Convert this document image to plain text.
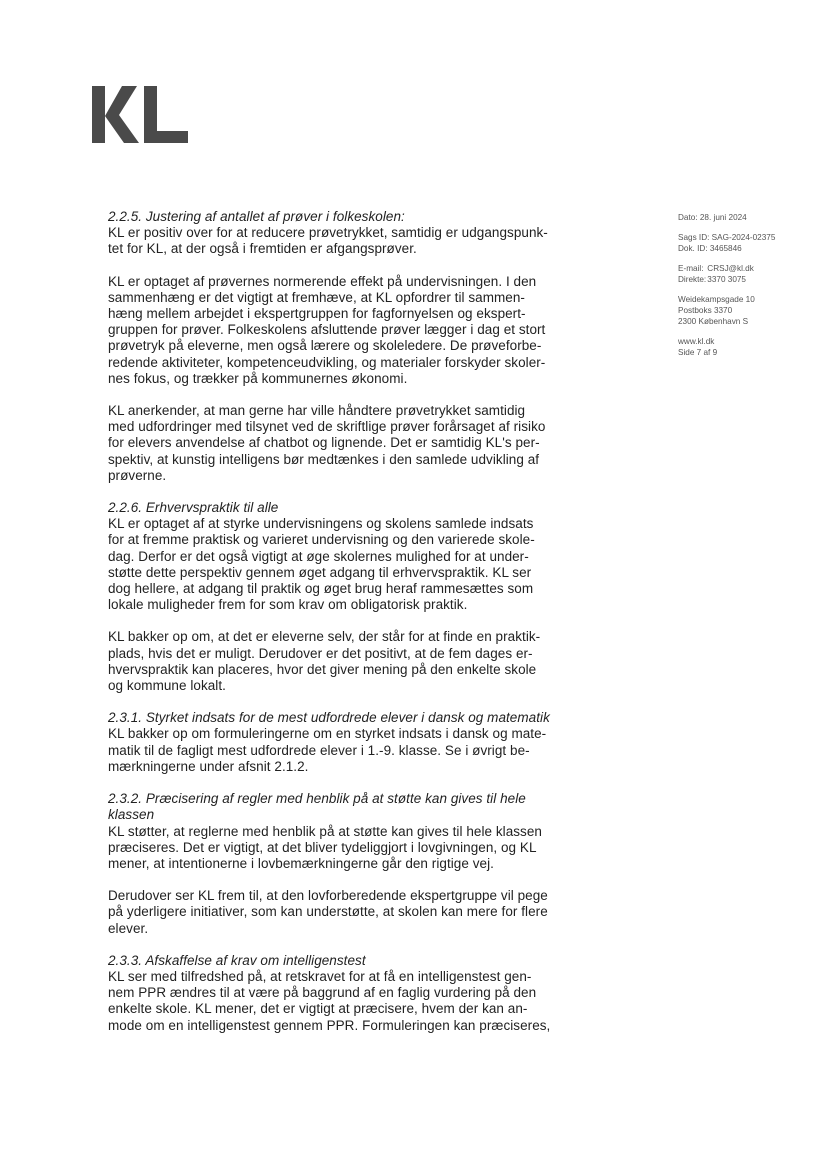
Dato: 28. juni 2024
Sags ID: SAG-2024-02375
Dok. ID: 3465846
E-mail: CRSJ@kl.dk
Direkte: 3370 3075
Weidekampsgade 10
Postboks 3370
2300 København S
www.kl.dk
Side 7 af 9
2.2.5. Justering af antallet af prøver i folkeskolen:

KL er positiv over for at reducere prøvetrykket, samtidig er udgangspunk-
tet for KL, at der også i fremtiden er afgangsprøver.

KL er optaget af prøvernes normerende effekt på undervisningen. I den
sammenhæng er det vigtigt at fremhæve, at KL opfordrer til sammen-
hæng mellem arbejdet i ekspertgruppen for fagfornyelsen og ekspert-
gruppen for prøver. Folkeskolens afsluttende prøver lægger i dag et stort
prøvetryk på eleverne, men også lærere og skoleledere. De prøveforbe-
redende aktiviteter, kompetenceudvikling, og materialer forskyder skoler-
nes fokus, og trækker på kommunernes økonomi.

KL anerkender, at man gerne har ville håndtere prøvetrykket samtidig
med udfordringer med tilsynet ved de skriftlige prøver forårsaget af risiko
for elevers anvendelse af chatbot og lignende. Det er samtidig KL's per-
spektiv, at kunstig intelligens bør medtænkes i den samlede udvikling af
prøverne.

2.2.6. Erhvervspraktik til alle

KL er optaget af at styrke undervisningens og skolens samlede indsats
for at fremme praktisk og varieret undervisning og den varierede skole-
dag. Derfor er det også vigtigt at øge skolernes mulighed for at under-
støtte dette perspektiv gennem øget adgang til erhvervspraktik. KL ser
dog hellere, at adgang til praktik og øget brug heraf rammesættes som
lokale muligheder frem for som krav om obligatorisk praktik.

KL bakker op om, at det er eleverne selv, der står for at finde en praktik-
plads, hvis det er muligt. Derudover er det positivt, at de fem dages er-
hvervspraktik kan placeres, hvor det giver mening på den enkelte skole
og kommune lokalt.

2.3.1. Styrket indsats for de mest udfordrede elever i dansk og matematik

KL bakker op om formuleringerne om en styrket indsats i dansk og mate-
matik til de fagligt mest udfordrede elever i 1.-9. klasse. Se i øvrigt be-
mærkningerne under afsnit 2.1.2.

2.3.2. Præcisering af regler med henblik på at støtte kan gives til hele
klassen

KL støtter, at reglerne med henblik på at støtte kan gives til hele klassen
præciseres. Det er vigtigt, at det bliver tydeliggjort i lovgivningen, og KL
mener, at intentionerne i lovbemærkningerne går den rigtige vej.

Derudover ser KL frem til, at den lovforberedende ekspertgruppe vil pege
på yderligere initiativer, som kan understøtte, at skolen kan mere for flere
elever.

2.3.3. Afskaffelse af krav om intelligenstest

KL ser med tilfredshed på, at retskravet for at få en intelligenstest gen-
nem PPR ændres til at være på baggrund af en faglig vurdering på den
enkelte skole. KL mener, det er vigtigt at præcisere, hvem der kan an-
mode om en intelligenstest gennem PPR. Formuleringen kan præciseres,
